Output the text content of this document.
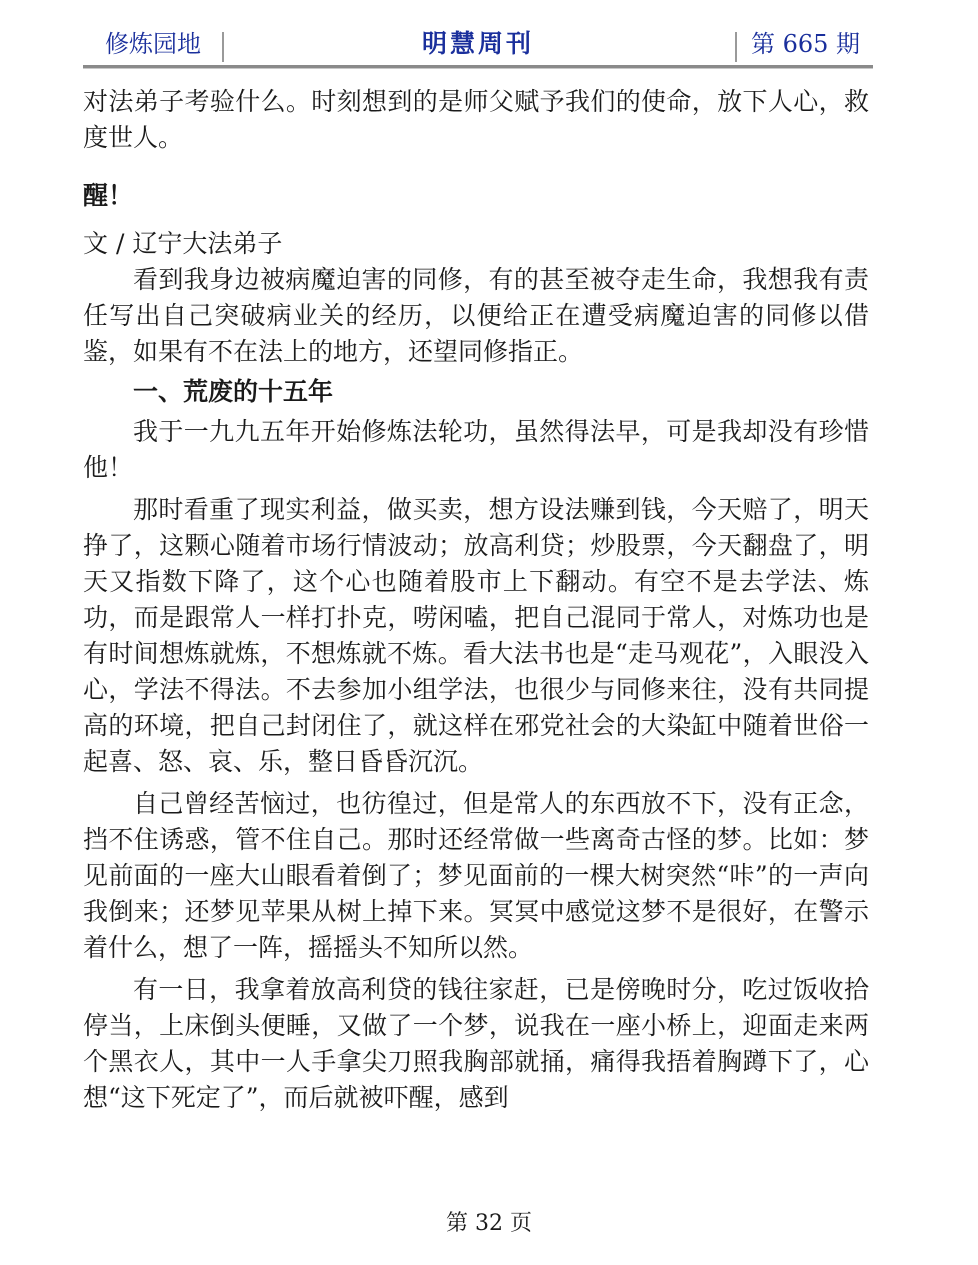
修炼园地	明慧周刊	第 665 期

对法弟子考验什么。时刻想到的是师父赋予我们的使命，放下人心，救度世人。

醒！

文 / 辽宁大法弟子

看到我身边被病魔迫害的同修，有的甚至被夺走生命，我想我有责任写出自己突破病业关的经历，以便给正在遭受病魔迫害的同修以借鉴，如果有不在法上的地方，还望同修指正。

一、荒废的十五年

我于一九九五年开始修炼法轮功，虽然得法早，可是我却没有珍惜他！

那时看重了现实利益，做买卖，想方设法赚到钱，今天赔了，明天挣了，这颗心随着市场行情波动；放高利贷；炒股票，今天翻盘了，明天又指数下降了，这个心也随着股市上下翻动。有空不是去学法、炼功，而是跟常人一样打扑克，唠闲嗑，把自己混同于常人，对炼功也是有时间想炼就炼，不想炼就不炼。看大法书也是“走马观花”，入眼没入心，学法不得法。不去参加小组学法，也很少与同修来往，没有共同提高的环境，把自己封闭住了，就这样在邪党社会的大染缸中随着世俗一起喜、怒、哀、乐，整日昏昏沉沉。

自己曾经苦恼过，也彷徨过，但是常人的东西放不下，没有正念，挡不住诱惑，管不住自己。那时还经常做一些离奇古怪的梦。比如：梦见前面的一座大山眼看着倒了；梦见面前的一棵大树突然“咔”的一声向我倒来；还梦见苹果从树上掉下来。冥冥中感觉这梦不是很好，在警示着什么，想了一阵，摇摇头不知所以然。

有一日，我拿着放高利贷的钱往家赶，已是傍晚时分，吃过饭收拾停当，上床倒头便睡，又做了一个梦，说我在一座小桥上，迎面走来两个黑衣人，其中一人手拿尖刀照我胸部就捅，痛得我捂着胸蹲下了，心想“这下死定了”，而后就被吓醒，感到

第 32 页
